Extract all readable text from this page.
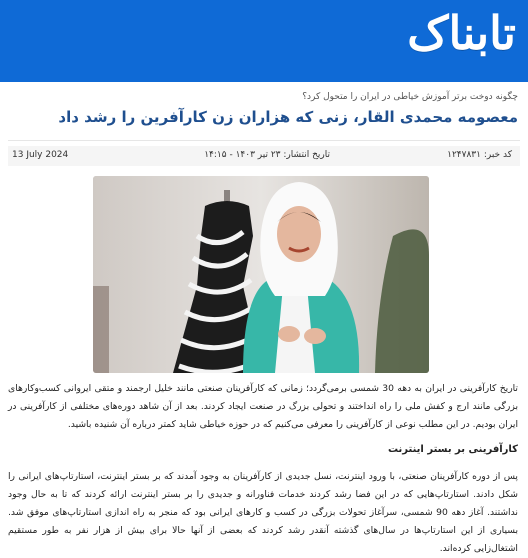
تابناک
چگونه دوخت برتر آموزش خیاطی در ایران را متحول کرد؟
معصومه محمدی القار، زنی که هزاران زن کارآفرین را رشد داد
کد خبر: ۱۲۴۷۸۳۱
تاریخ انتشار: ۲۳ تیر ۱۴۰۳ - ۱۴:۱۵
13 July 2024
تاریخ کارآفرینی در ایران به دهه 30 شمسی برمی‌گردد؛ زمانی که کارآفرینان صنعتی مانند خلیل ارجمند و متقی ایروانی کسب‌وکارهای بزرگی مانند ارج و کفش ملی را راه انداختند و تحولی بزرگ در صنعت ایجاد کردند. بعد از آن شاهد دوره‌های مختلفی از کارآفرینی در ایران بودیم. در این مطلب نوعی از کارآفرینی را معرفی می‌کنیم که در حوزه خیاطی شاید کمتر درباره آن شنیده باشید.
کارآفرینی بر بستر اینترنت
پس از دوره کارآفرینان صنعتی، با ورود اینترنت، نسل جدیدی از کارآفرینان به وجود آمدند که بر بستر اینترنت، استارتاپ‌های ایرانی را شکل دادند. استارتاپ‌هایی که در این فضا رشد کردند خدمات فناورانه و جدیدی را بر بستر اینترنت ارائه کردند که تا به حال وجود نداشتند. آغاز دهه 90 شمسی، سرآغاز تحولات بزرگی در کسب و کارهای ایرانی بود که منجر به راه اندازی استارتاپ‌های موفق شد. بسیاری از این استارتاپ‌ها در سال‌های گذشته آنقدر رشد کردند که بعضی از آنها حالا برای بیش از هزار نفر به طور مستقیم اشتغال‌زایی کرده‌اند.
